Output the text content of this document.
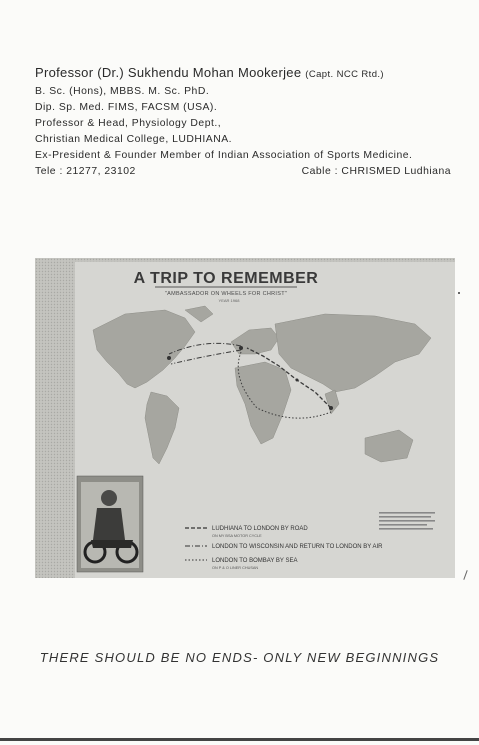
Professor (Dr.) Sukhendu Mohan Mookerjee (Capt. NCC Rtd.)
B. Sc. (Hons), MBBS. M. Sc. PhD.
Dip. Sp. Med. FIMS, FACSM (USA).
Professor & Head, Physiology Dept.,
Christian Medical College, LUDHIANA.
Ex-President & Founder Member of Indian Association of Sports Medicine.
Tele : 21277, 23102	Cable : CHRISMED Ludhiana
A TRIP TO REMEMBER
"AMBASSADOR ON WHEELS FOR CHRIST"
YEAR 1968
LUDHIANA TO LONDON BY ROAD
ON MY BSA MOTOR CYCLE
LONDON TO WISCONSIN AND RETURN TO LONDON BY AIR
LONDON TO BOMBAY BY SEA
ON P & O LINER CHUSAN
THERE SHOULD BE NO ENDS- ONLY NEW BEGINNINGS
